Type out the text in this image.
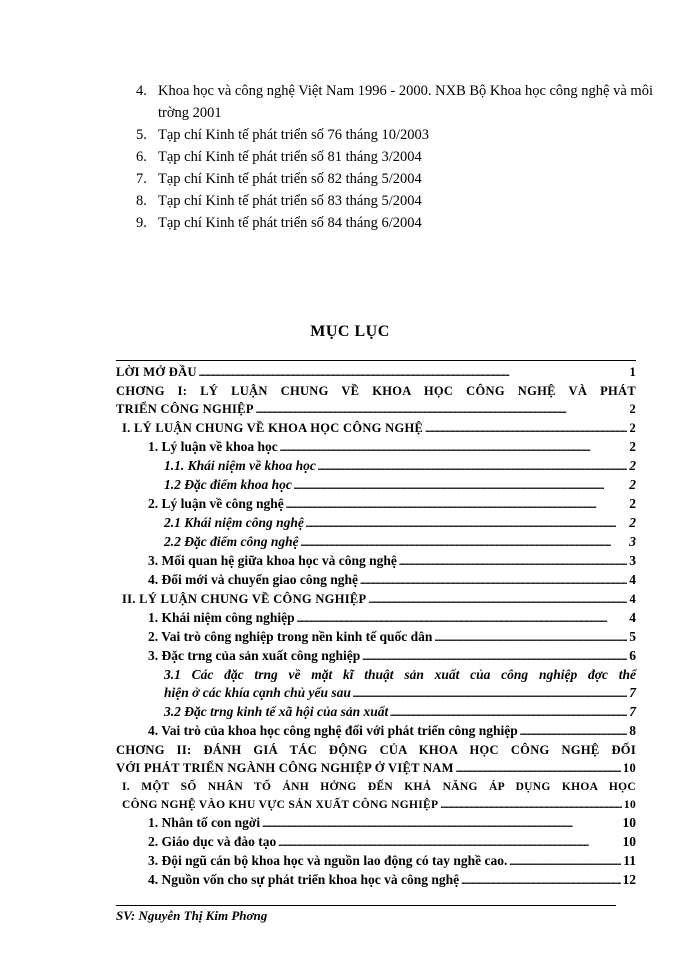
4. Khoa học và công nghệ Việt Nam 1996 - 2000. NXB Bộ Khoa học công nghệ và môi trờng 2001
5. Tạp chí Kinh tế phát triển số 76 tháng 10/2003
6. Tạp chí Kinh tế phát triển số 81 tháng 3/2004
7. Tạp chí Kinh tế phát triển số 82 tháng 5/2004
8. Tạp chí Kinh tế phát triển số 83 tháng 5/2004
9. Tạp chí Kinh tế phát triển số 84 tháng 6/2004
MỤC LỤC
LỜI MỞ ĐẦU .....	1
CHƠNG I: LÝ LUẬN CHUNG VỀ KHOA HỌC CÔNG NGHỆ VÀ PHÁT
TRIỂN CÔNG NGHIỆP .....	2
I. LÝ LUẬN CHUNG VỀ KHOA HỌC CÔNG NGHỆ .....	2
1. Lý luận về khoa học .....	2
1.1. Khái niệm về khoa học .....	2
1.2 Đặc điểm khoa học .....	2
2. Lý luận về công nghệ .....	2
2.1 Khái niệm công nghệ .....	2
2.2 Đặc điểm công nghệ .....	3
3. Mối quan hệ giữa khoa học và công nghệ .....	3
4. Đổi mới và chuyển giao công nghệ .....	4
II. LÝ LUẬN CHUNG VỀ CÔNG NGHIỆP .....	4
1. Khái niệm công nghiệp .....	4
2. Vai trò công nghiệp trong nền kinh tế quốc dân .....	5
3. Đặc trng của sản xuất công nghiệp .....	6
3.1 Các đặc trng về mặt kĩ thuật sản xuất của công nghiệp đợc thể
hiện ở các khía cạnh chủ yếu sau .....	7
3.2 Đặc trng kinh tế xã hội của sản xuất .....	7
4. Vai trò của khoa học công nghệ đối với phát triển công nghiệp .....	8
CHƠNG II: ĐÁNH GIÁ TÁC ĐỘNG CỦA KHOA HỌC CÔNG NGHỆ ĐỐI
VỚI PHÁT TRIỂN NGÀNH CÔNG NGHIỆP Ở VIỆT NAM .....	10
I. MỘT SỐ NHÂN TỐ ẢNH HỞNG ĐẾN KHẢ NĂNG ÁP DỤNG KHOA HỌC
CÔNG NGHỆ VÀO KHU VỰC SẢN XUẤT CÔNG NGHIỆP .....	10
1. Nhân tố con ngời .....	10
2. Giáo dục và đào tạo .....	10
3. Đội ngũ cán bộ khoa học và nguồn lao động có tay nghề cao. .....	11
4. Nguồn vốn cho sự phát triển khoa học và công nghệ .....	12
SV: Nguyễn Thị Kim Phơng
